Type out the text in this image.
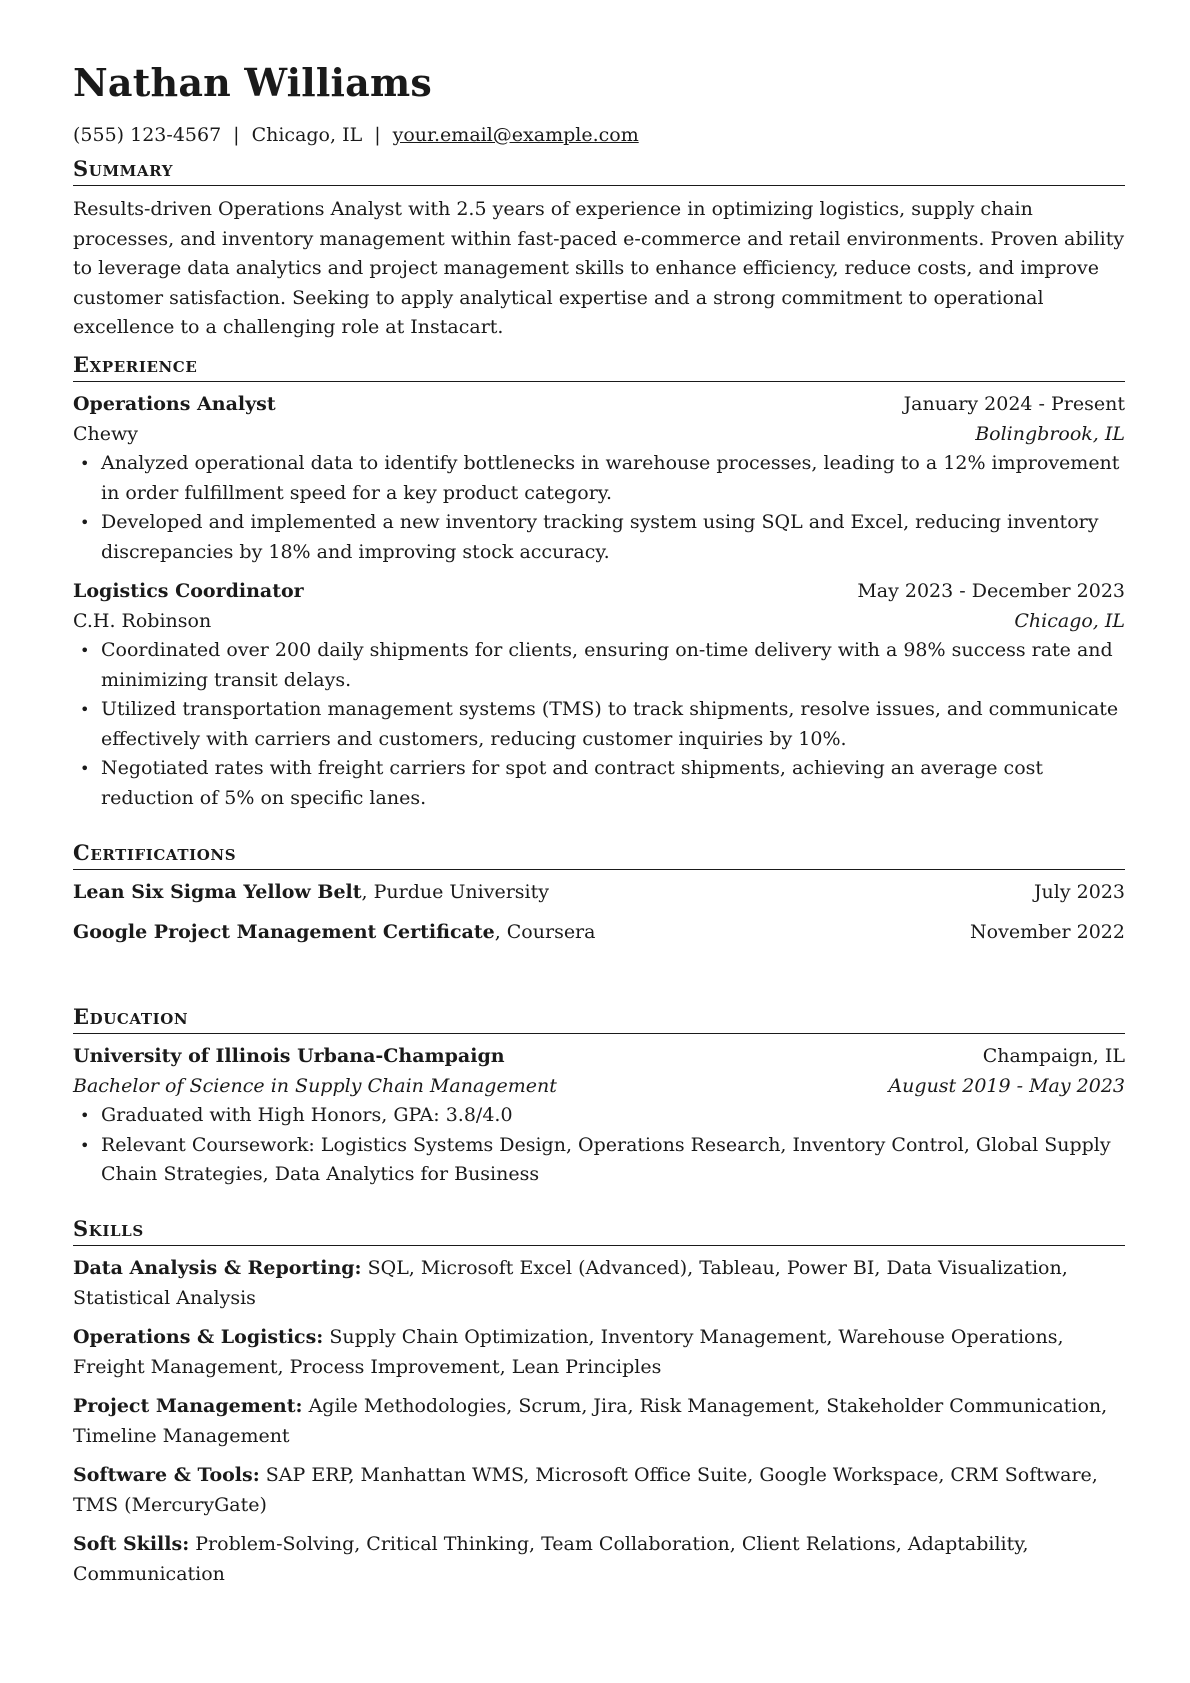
Nathan Williams
(555) 123-4567 | Chicago, IL | your.email@example.com
Summary

Results-driven Operations Analyst with 2.5 years of experience in optimizing logistics, supply chain processes, and inventory management within fast-paced e-commerce and retail environments. Proven ability to leverage data analytics and project management skills to enhance efficiency, reduce costs, and improve customer satisfaction. Seeking to apply analytical expertise and a strong commitment to operational excellence to a challenging role at Instacart.

Experience
Operations Analyst	January 2024 - Present
Chewy	Bolingbrook, IL
• Analyzed operational data to identify bottlenecks in warehouse processes, leading to a 12% improvement in order fulfillment speed for a key product category.
• Developed and implemented a new inventory tracking system using SQL and Excel, reducing inventory discrepancies by 18% and improving stock accuracy.
Logistics Coordinator	May 2023 - December 2023
C.H. Robinson	Chicago, IL
• Coordinated over 200 daily shipments for clients, ensuring on-time delivery with a 98% success rate and minimizing transit delays.
• Utilized transportation management systems (TMS) to track shipments, resolve issues, and communicate effectively with carriers and customers, reducing customer inquiries by 10%.
• Negotiated rates with freight carriers for spot and contract shipments, achieving an average cost reduction of 5% on specific lanes.
Certifications
Lean Six Sigma Yellow Belt, Purdue University	July 2023
Google Project Management Certificate, Coursera	November 2022
Education
University of Illinois Urbana-Champaign	Champaign, IL
Bachelor of Science in Supply Chain Management	August 2019 - May 2023
• Graduated with High Honors, GPA: 3.8/4.0
• Relevant Coursework: Logistics Systems Design, Operations Research, Inventory Control, Global Supply Chain Strategies, Data Analytics for Business
Skills

Data Analysis & Reporting: SQL, Microsoft Excel (Advanced), Tableau, Power BI, Data Visualization, Statistical Analysis

Operations & Logistics: Supply Chain Optimization, Inventory Management, Warehouse Operations, Freight Management, Process Improvement, Lean Principles

Project Management: Agile Methodologies, Scrum, Jira, Risk Management, Stakeholder Communication, Timeline Management

Software & Tools: SAP ERP, Manhattan WMS, Microsoft Office Suite, Google Workspace, CRM Software, TMS (MercuryGate)

Soft Skills: Problem-Solving, Critical Thinking, Team Collaboration, Client Relations, Adaptability, Communication
